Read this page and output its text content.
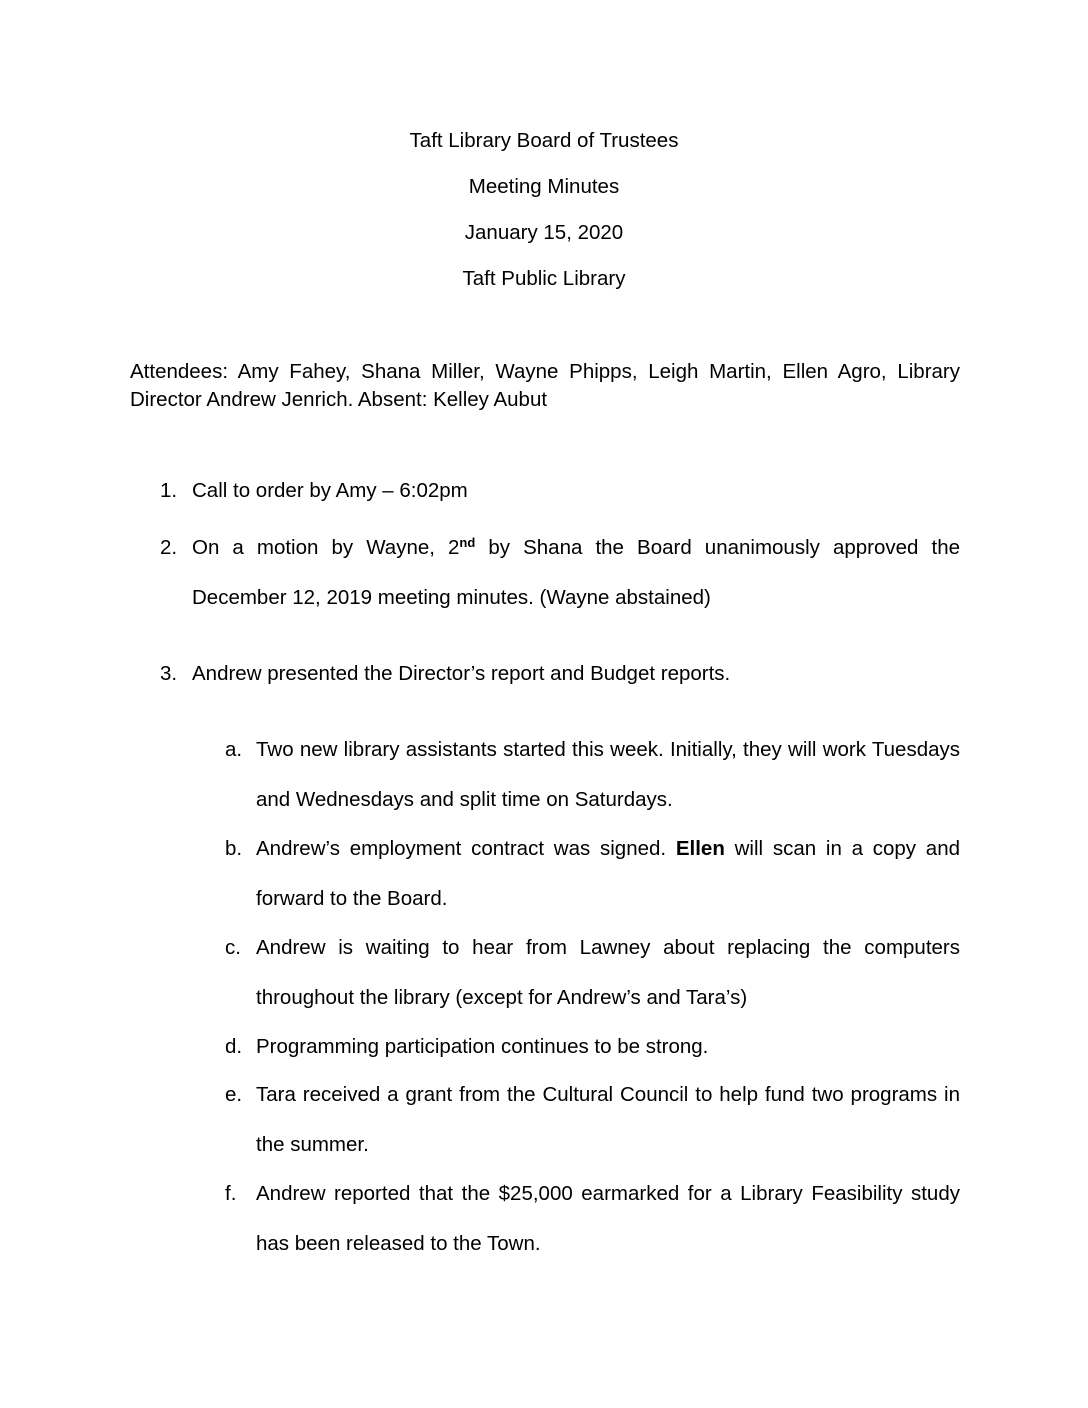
Taft Library Board of Trustees
Meeting Minutes
January 15, 2020
Taft Public Library
Attendees: Amy Fahey, Shana Miller, Wayne Phipps, Leigh Martin, Ellen Agro, Library Director Andrew Jenrich. Absent: Kelley Aubut
1. Call to order by Amy – 6:02pm
2. On a motion by Wayne, 2nd by Shana the Board unanimously approved the December 12, 2019 meeting minutes. (Wayne abstained)
3. Andrew presented the Director’s report and Budget reports.
a. Two new library assistants started this week. Initially, they will work Tuesdays and Wednesdays and split time on Saturdays.
b. Andrew’s employment contract was signed. Ellen will scan in a copy and forward to the Board.
c. Andrew is waiting to hear from Lawney about replacing the computers throughout the library (except for Andrew’s and Tara’s)
d. Programming participation continues to be strong.
e. Tara received a grant from the Cultural Council to help fund two programs in the summer.
f. Andrew reported that the $25,000 earmarked for a Library Feasibility study has been released to the Town.
